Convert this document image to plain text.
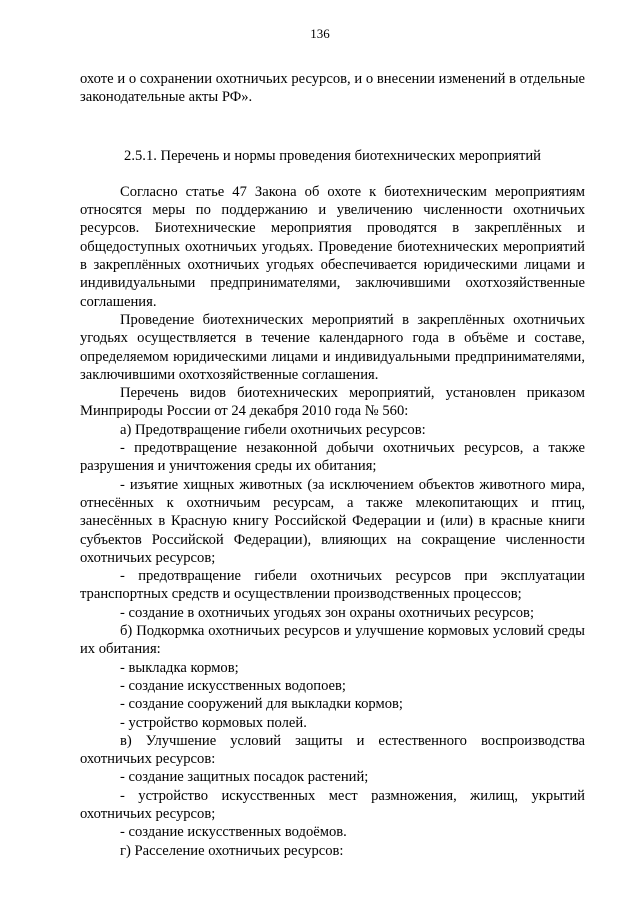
136

охоте и о сохранении охотничьих ресурсов, и о внесении изменений в отдельные законодательные акты РФ».

2.5.1. Перечень и нормы проведения биотехнических мероприятий

Согласно статье 47 Закона об охоте к биотехническим мероприятиям относятся меры по поддержанию и увеличению численности охотничьих ресурсов. Биотехнические мероприятия проводятся в закреплённых и общедоступных охотничьих угодьях. Проведение биотехнических мероприятий в закреплённых охотничьих угодьях обеспечивается юридическими лицами и индивидуальными предпринимателями, заключившими охотхозяйственные соглашения.

Проведение биотехнических мероприятий в закреплённых охотничьих угодьях осуществляется в течение календарного года в объёме и составе, определяемом юридическими лицами и индивидуальными предпринимателями, заключившими охотхозяйственные соглашения.

Перечень видов биотехнических мероприятий, установлен приказом Минприроды России от 24 декабря 2010 года № 560:

а) Предотвращение гибели охотничьих ресурсов:

- предотвращение незаконной добычи охотничьих ресурсов, а также разрушения и уничтожения среды их обитания;

- изъятие хищных животных (за исключением объектов животного мира, отнесённых к охотничьим ресурсам, а также млекопитающих и птиц, занесённых в Красную книгу Российской Федерации и (или) в красные книги субъектов Российской Федерации), влияющих на сокращение численности охотничьих ресурсов;

- предотвращение гибели охотничьих ресурсов при эксплуатации транспортных средств и осуществлении производственных процессов;

- создание в охотничьих угодьях зон охраны охотничьих ресурсов;

б) Подкормка охотничьих ресурсов и улучшение кормовых условий среды их обитания:

- выкладка кормов;

- создание искусственных водопоев;

- создание сооружений для выкладки кормов;

- устройство кормовых полей.

в) Улучшение условий защиты и естественного воспроизводства охотничьих ресурсов:

- создание защитных посадок растений;

- устройство искусственных мест размножения, жилищ, укрытий охотничьих ресурсов;

- создание искусственных водоёмов.

г) Расселение охотничьих ресурсов:
